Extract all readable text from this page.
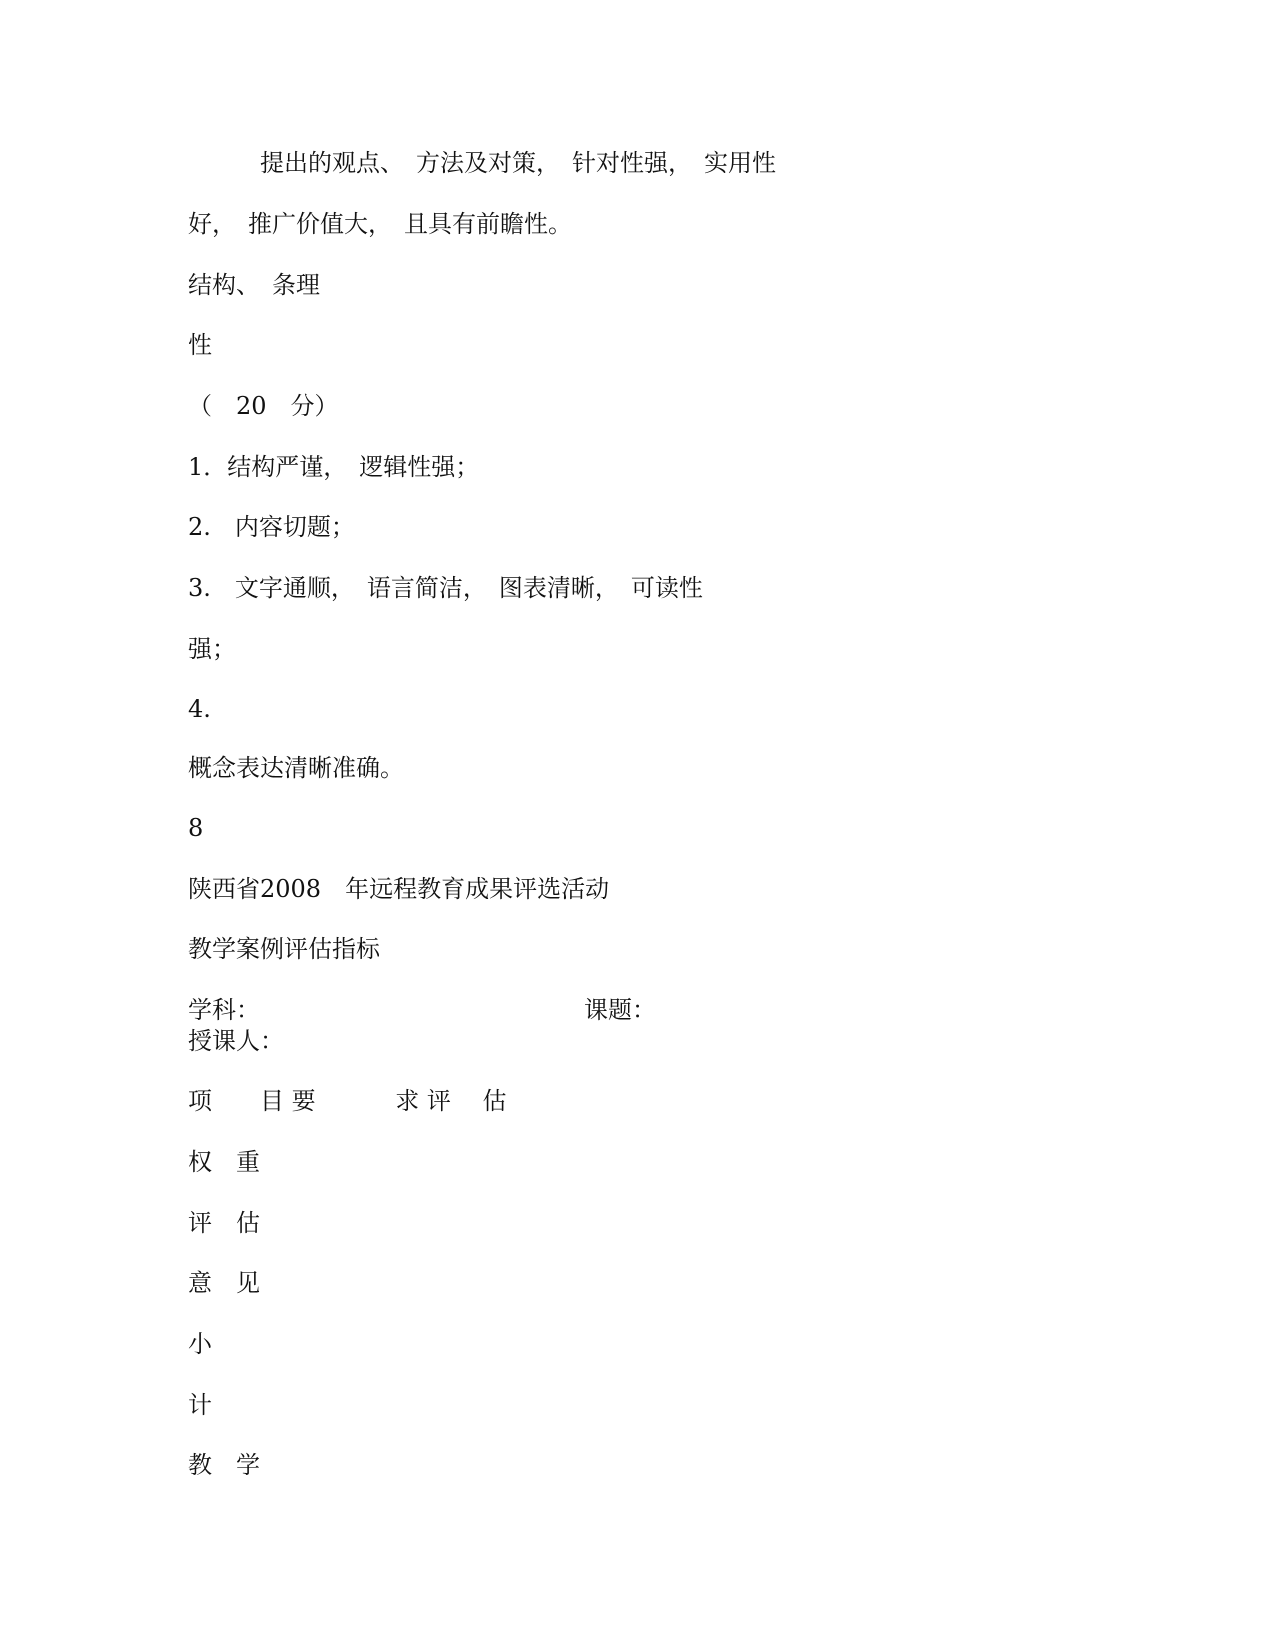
　　　提出的观点、　方法及对策，　针对性强，　实用性

好，　推广价值大，　且具有前瞻性。

结构、　条理

性

（　20　分）

1．结构严谨，　逻辑性强；

2.　内容切题；

3.　文字通顺，　语言简洁，　图表清晰，　可读性

强；

4.

概念表达清晰准确。

8

陕西省2008　年远程教育成果评选活动

教学案例评估指标

学科：　　　　　　　　　　　　　　课题：

授课人：

项　　目 要　　　 求 评　 估

权　重

评　估

意　见

小

计

教　学
